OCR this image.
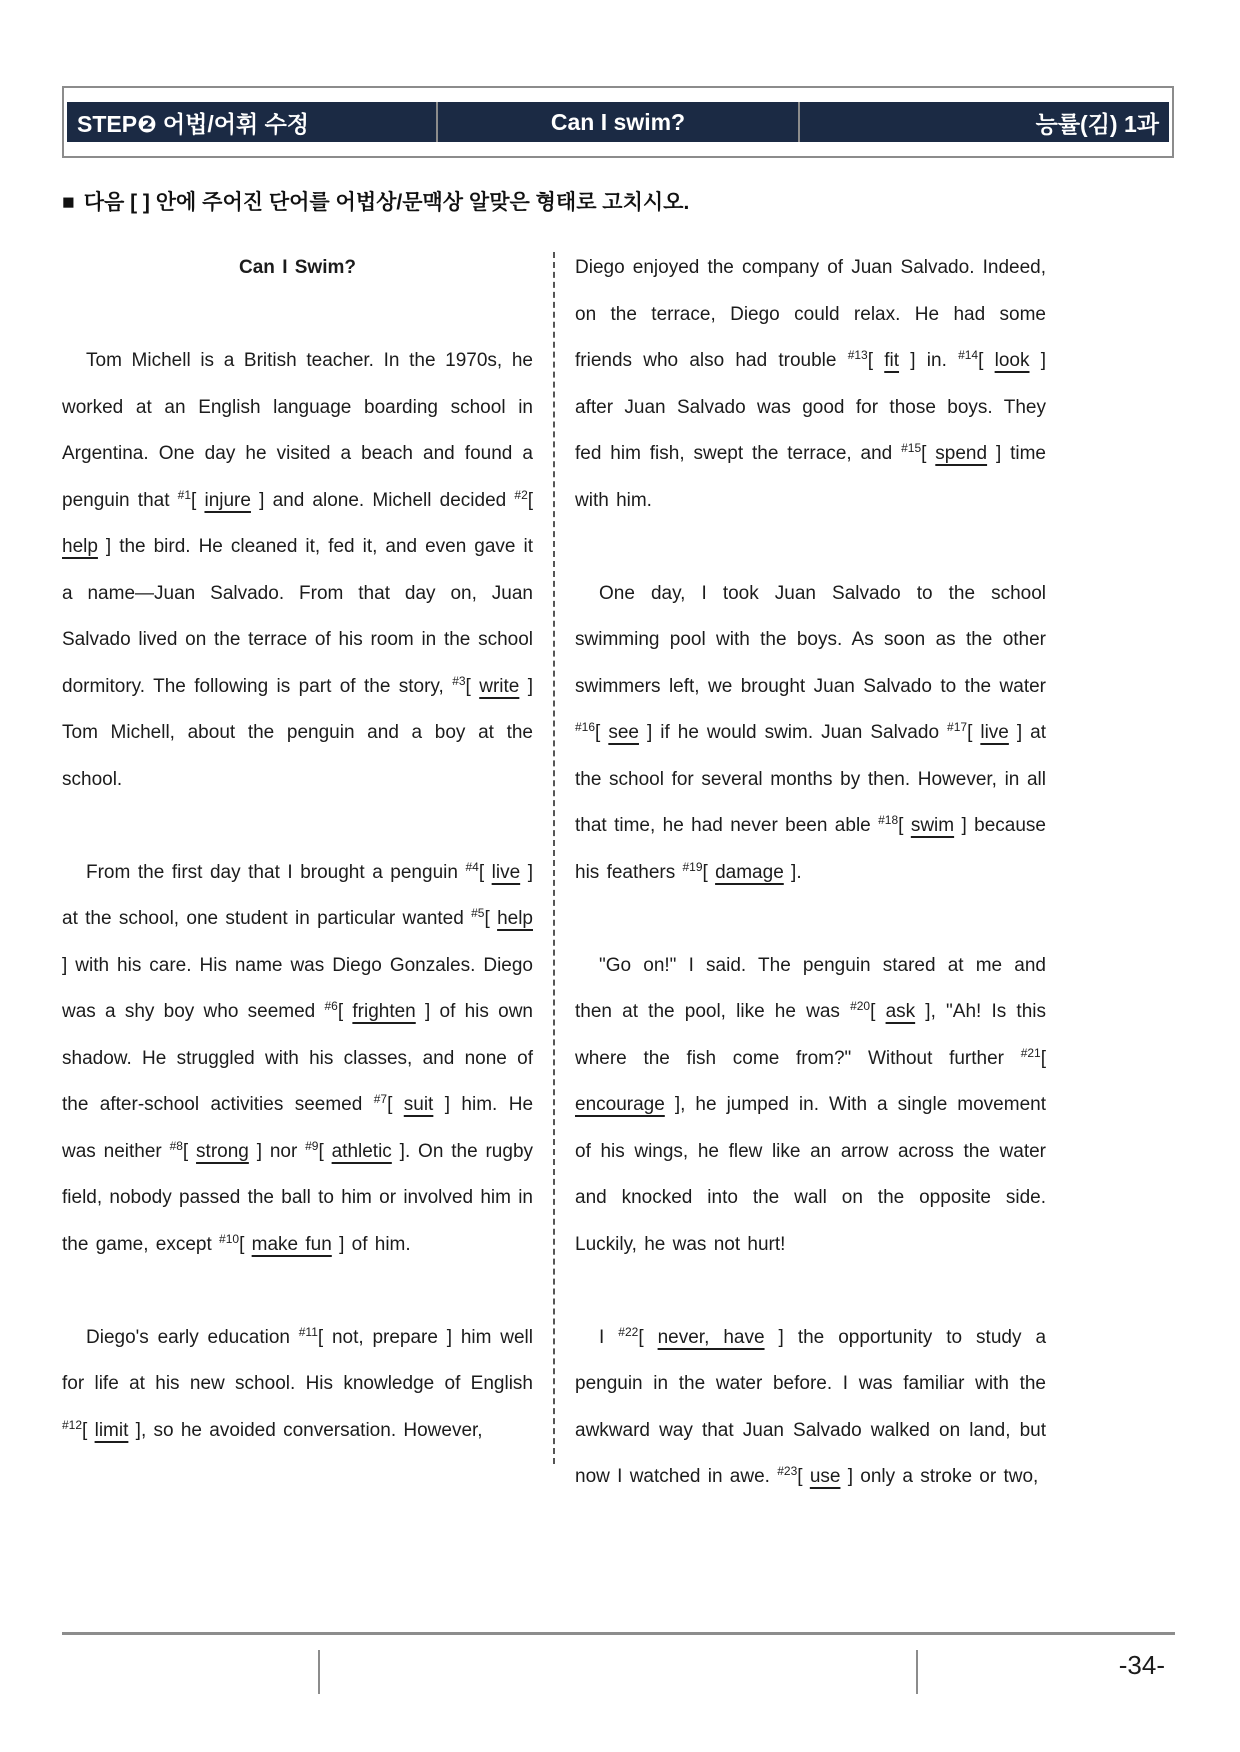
STEP❷ 어법/어휘 수정	Can I swim?	능률(김) 1과
■ 다음 [ ] 안에 주어진 단어를 어법상/문맥상 알맞은 형태로 고치시오.
Can I Swim?

Tom Michell is a British teacher. In the 1970s, he worked at an English language boarding school in Argentina. One day he visited a beach and found a penguin that $^{\#1}$[ injure ] and alone. Michell decided $^{\#2}$[ help ] the bird. He cleaned it, fed it, and even gave it a name—Juan Salvado. From that day on, Juan Salvado lived on the terrace of his room in the school dormitory. The following is part of the story, $^{\#3}$[ write ] Tom Michell, about the penguin and a boy at the school.

From the first day that I brought a penguin $^{\#4}$[ live ] at the school, one student in particular wanted $^{\#5}$[ help ] with his care. His name was Diego Gonzales. Diego was a shy boy who seemed $^{\#6}$[ frighten ] of his own shadow. He struggled with his classes, and none of the after-school activities seemed $^{\#7}$[ suit ] him. He was neither $^{\#8}$[ strong ] nor $^{\#9}$[ athletic ]. On the rugby field, nobody passed the ball to him or involved him in the game, except $^{\#10}$[ make fun ] of him.

Diego's early education $^{\#11}$[ not, prepare ] him well for life at his new school. His knowledge of English $^{\#12}$[ limit ], so he avoided conversation. However,

Diego enjoyed the company of Juan Salvado. Indeed, on the terrace, Diego could relax. He had some friends who also had trouble $^{\#13}$[ fit ] in. $^{\#14}$[ look ] after Juan Salvado was good for those boys. They fed him fish, swept the terrace, and $^{\#15}$[ spend ] time with him.

One day, I took Juan Salvado to the school swimming pool with the boys. As soon as the other swimmers left, we brought Juan Salvado to the water $^{\#16}$[ see ] if he would swim. Juan Salvado $^{\#17}$[ live ] at the school for several months by then. However, in all that time, he had never been able $^{\#18}$[ swim ] because his feathers $^{\#19}$[ damage ].

"Go on!" I said. The penguin stared at me and then at the pool, like he was $^{\#20}$[ ask ], "Ah! Is this where the fish come from?" Without further $^{\#21}$[ encourage ], he jumped in. With a single movement of his wings, he flew like an arrow across the water and knocked into the wall on the opposite side. Luckily, he was not hurt!

I $^{\#22}$[ never, have ] the opportunity to study a penguin in the water before. I was familiar with the awkward way that Juan Salvado walked on land, but now I watched in awe. $^{\#23}$[ use ] only a stroke or two,

-34-
